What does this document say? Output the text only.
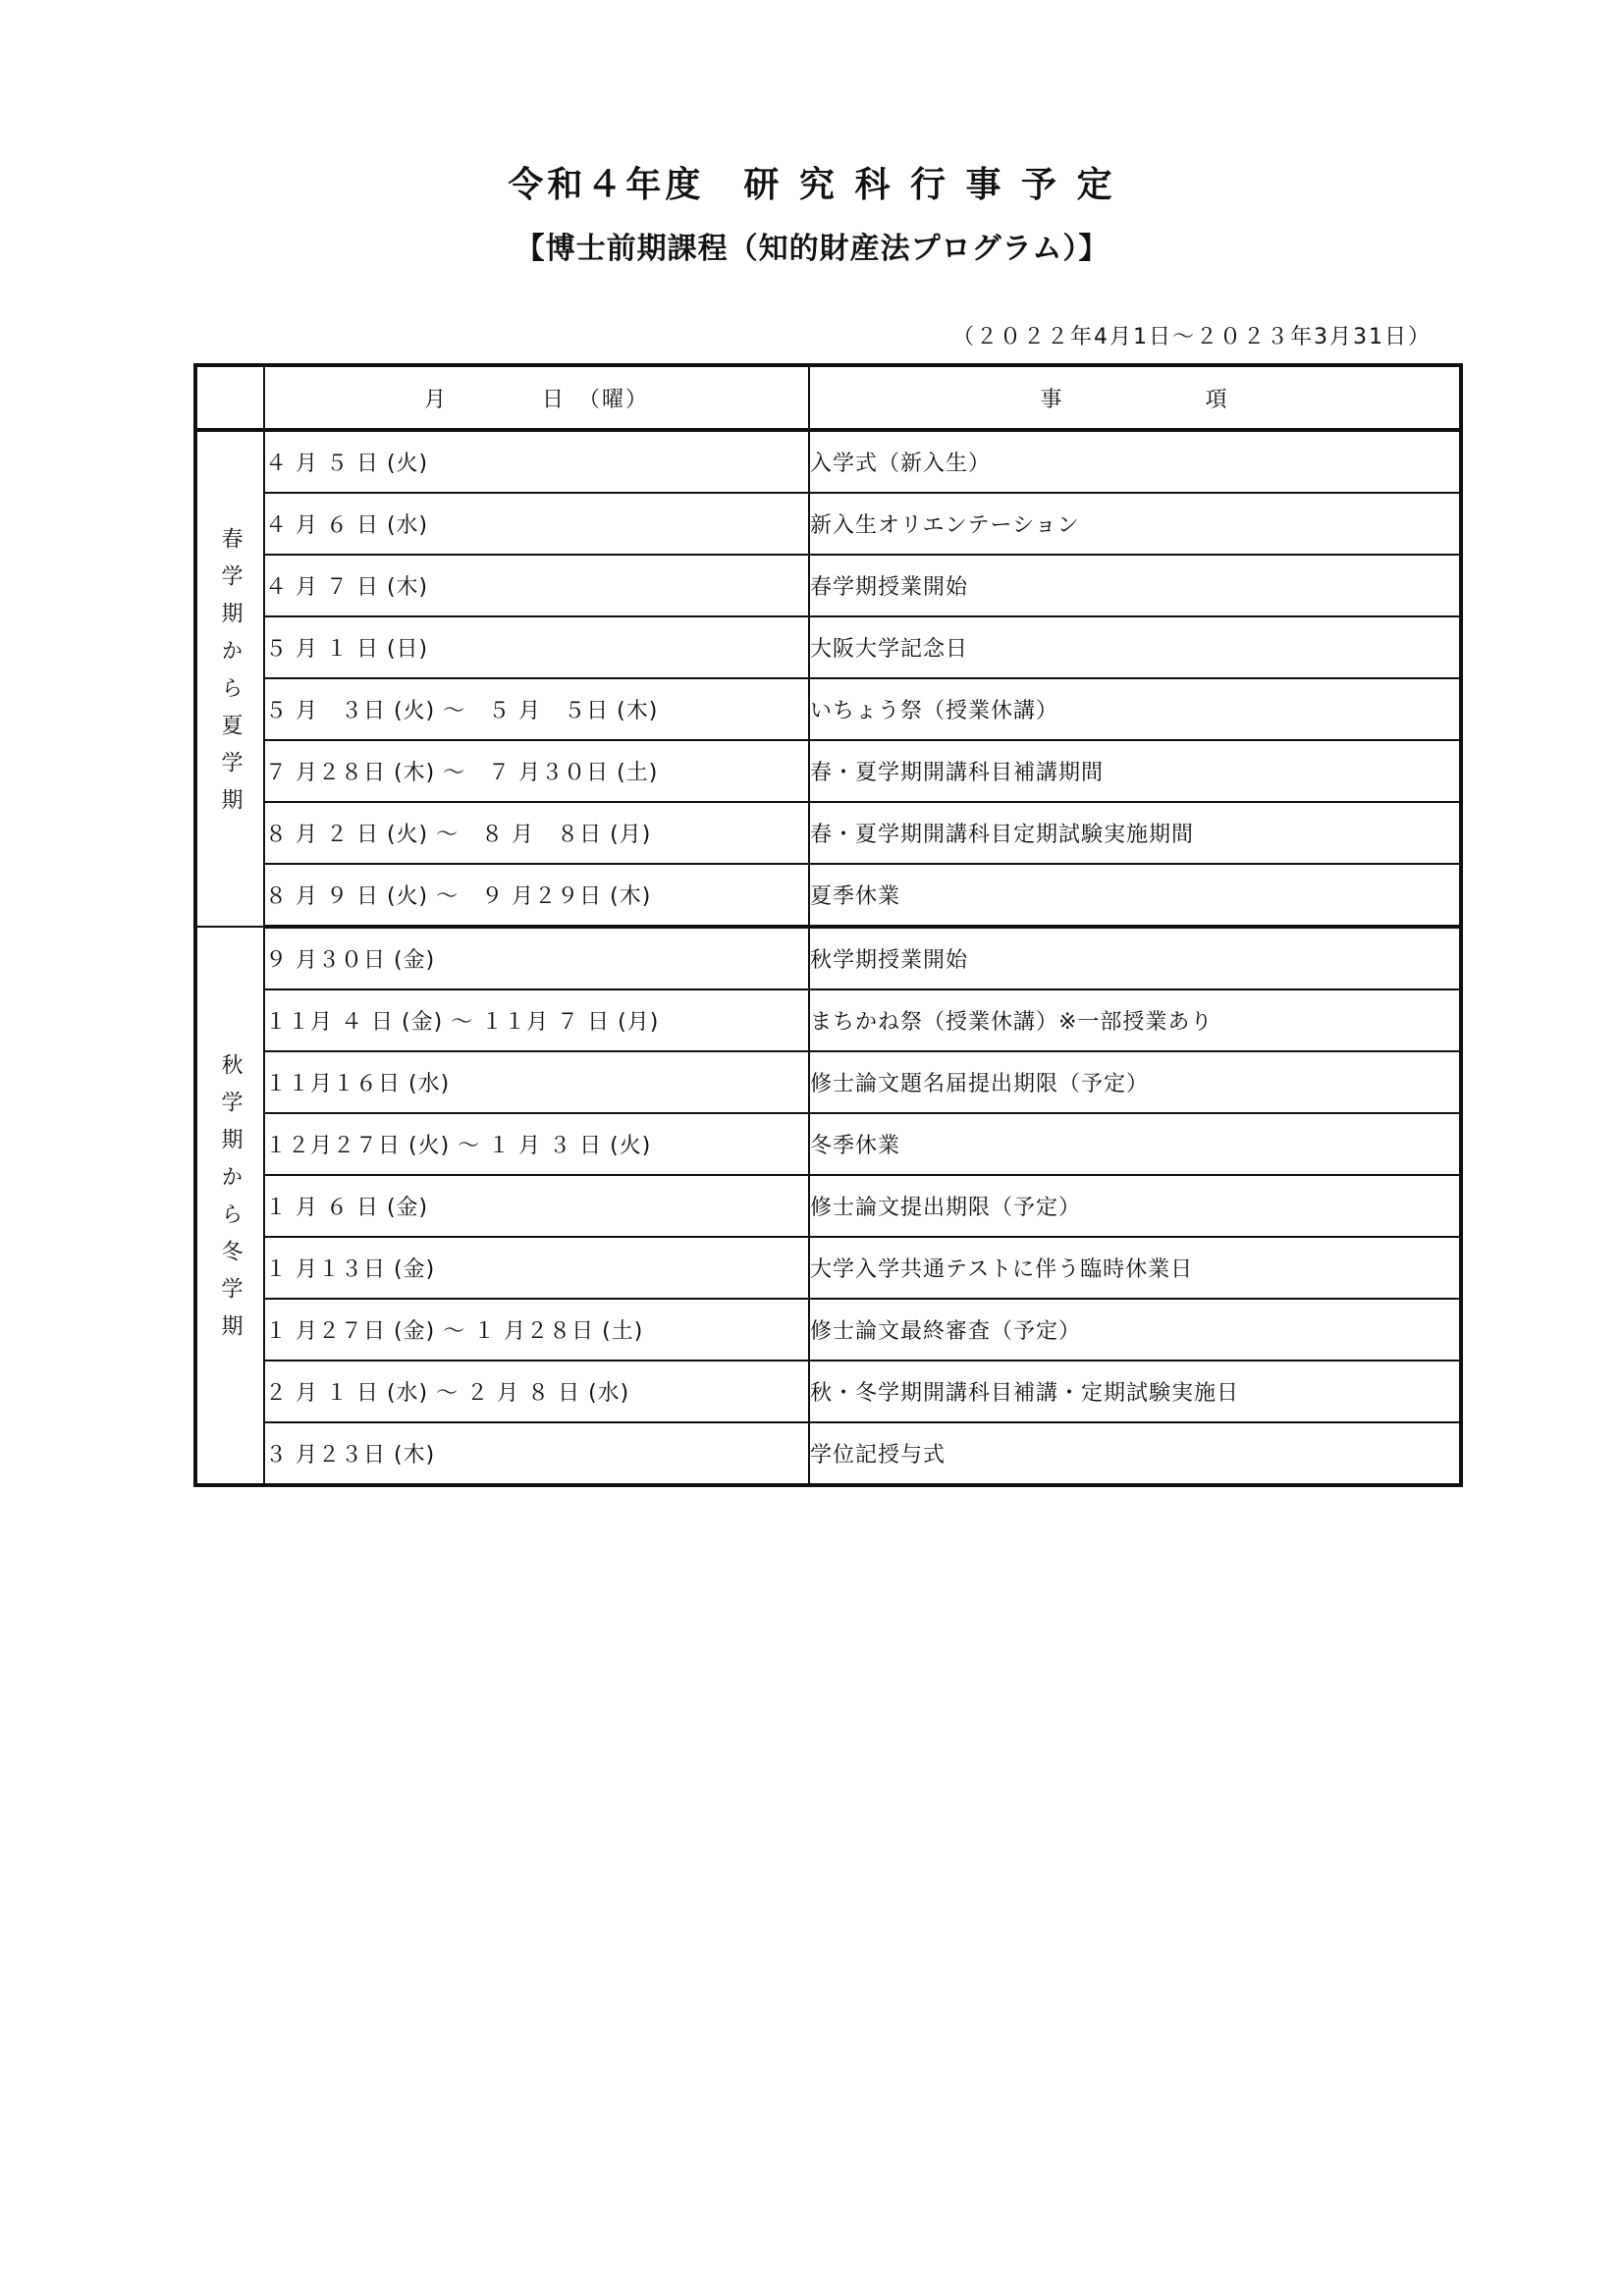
令和４年度　研 究 科 行 事 予 定
【博士前期課程（知的財産法プログラム）】
（２０２２年4月1日～２０２３年3月31日）
	月　　　　日　（曜）	事　　　　　　項
春学期から夏学期	４ 月 ５ 日 (火)	入学式（新入生）
	４ 月 ６ 日 (水)	新入生オリエンテーション
	４ 月 ７ 日 (木)	春学期授業開始
	５ 月 １ 日 (日)	大阪大学記念日
	５ 月　３日 (火) ～　５ 月　５日 (木)	いちょう祭（授業休講）
	７ 月２８日 (木) ～　７ 月３０日 (土)	春・夏学期開講科目補講期間
	８ 月 ２ 日 (火) ～　８ 月　８日 (月)	春・夏学期開講科目定期試験実施期間
	８ 月 ９ 日 (火) ～　９ 月２９日 (木)	夏季休業
秋学期から冬学期	９ 月３０日 (金)	秋学期授業開始
	１１月 ４ 日 (金) ～ １１月 ７ 日 (月)	まちかね祭（授業休講）※一部授業あり
	１１月１６日 (水)	修士論文題名届提出期限（予定）
	１２月２７日 (火) ～ １ 月 ３ 日 (火)	冬季休業
	１ 月 ６ 日 (金)	修士論文提出期限（予定）
	１ 月１３日 (金)	大学入学共通テストに伴う臨時休業日
	１ 月２７日 (金) ～ １ 月２８日 (土)	修士論文最終審査（予定）
	２ 月 １ 日 (水) ～ ２ 月 ８ 日 (水)	秋・冬学期開講科目補講・定期試験実施日
	３ 月２３日 (木)	学位記授与式
